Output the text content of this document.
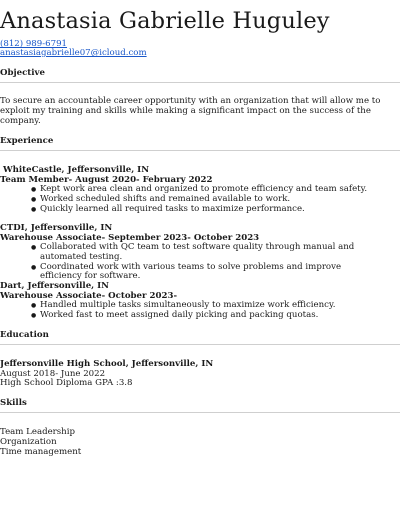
Anastasia Gabrielle Huguley
(812) 989-6791
anastasiagabrielle07@icloud.com
Objective

To secure an accountable career opportunity with an organization that will allow me to exploit my training and skills while making a significant impact on the success of the company.

Experience
WhiteCastle, Jeffersonville, IN
Team Member- August 2020- February 2022
● Kept work area clean and organized to promote efficiency and team safety.
● Worked scheduled shifts and remained available to work.
● Quickly learned all required tasks to maximize performance.
CTDI, Jeffersonville, IN
Warehouse Associate- September 2023- October 2023
● Collaborated with QC team to test software quality through manual and automated testing.
● Coordinated work with various teams to solve problems and improve efficiency for software.
Dart, Jeffersonville, IN
Warehouse Associate- October 2023-
● Handled multiple tasks simultaneously to maximize work efficiency.
● Worked fast to meet assigned daily picking and packing quotas.
Education
Jeffersonville High School, Jeffersonville, IN
August 2018- June 2022
High School Diploma GPA :3.8
Skills
Team Leadership
Organization
Time management
